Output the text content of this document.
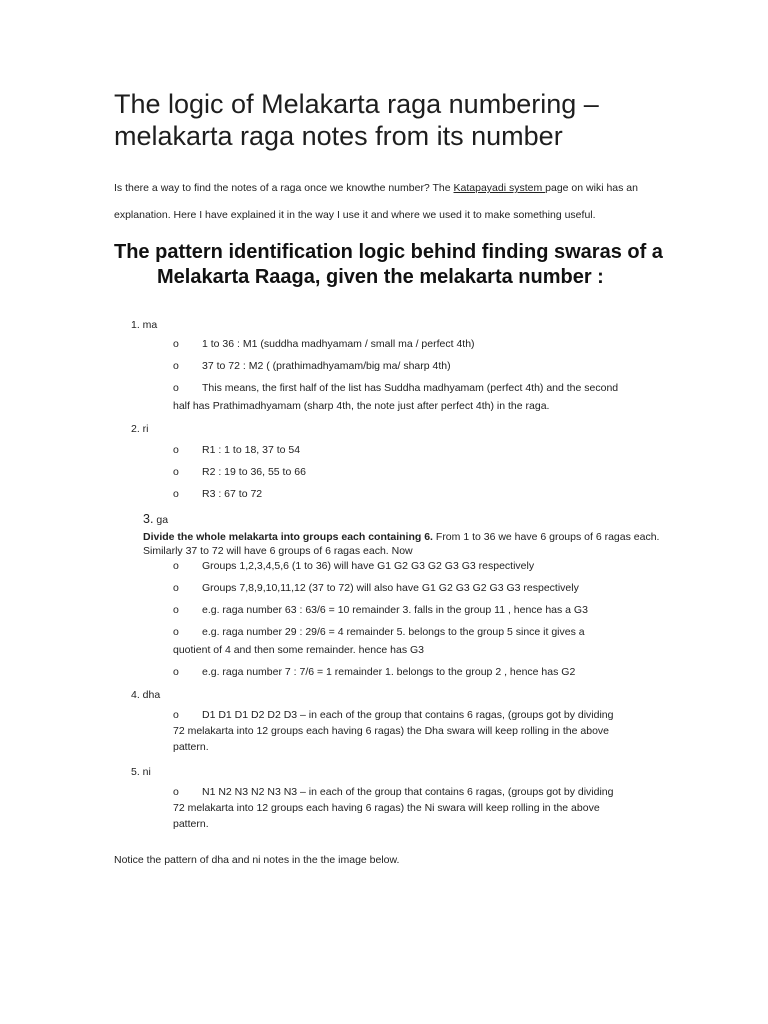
The logic of Melakarta raga numbering – melakarta raga notes from its number

Is there a way to find the notes of a raga once we knowthe number? The Katapayadi system page on wiki has an explanation. Here I have explained it in the way I use it and where we used it to make something useful.

The pattern identification logic behind finding swaras of a Melakarta Raaga, given the melakarta number :
1. ma
o 1 to 36 : M1 (suddha madhyamam / small ma / perfect 4th)
o 37 to 72 : M2 ( (prathimadhyamam/big ma/ sharp 4th)
o This means, the first half of the list has Suddha madhyamam (perfect 4th) and the second half has Prathimadhyamam (sharp 4th, the note just after perfect 4th) in the raga.
2. ri
o R1 : 1 to 18, 37 to 54
o R2 : 19 to 36, 55 to 66
o R3 : 67 to 72
3. ga

Divide the whole melakarta into groups each containing 6. From 1 to 36 we have 6 groups of 6 ragas each. Similarly 37 to 72 will have 6 groups of 6 ragas each. Now

o Groups 1,2,3,4,5,6 (1 to 36) will have G1 G2 G3 G2 G3 G3 respectively
o Groups 7,8,9,10,11,12 (37 to 72) will also have G1 G2 G3 G2 G3 G3 respectively
o e.g. raga number 63 : 63/6 = 10 remainder 3. falls in the group 11 , hence has a G3
o e.g. raga number 29 : 29/6 = 4 remainder 5. belongs to the group 5 since it gives a quotient of 4 and then some remainder. hence has G3
o e.g. raga number 7 : 7/6 = 1 remainder 1. belongs to the group 2 , hence has G2
4. dha
o D1 D1 D1 D2 D2 D3 – in each of the group that contains 6 ragas, (groups got by dividing 72 melakarta into 12 groups each having 6 ragas) the Dha swara will keep rolling in the above pattern.
5. ni
o N1 N2 N3 N2 N3 N3 – in each of the group that contains 6 ragas, (groups got by dividing 72 melakarta into 12 groups each having 6 ragas) the Ni swara will keep rolling in the above pattern.

Notice the pattern of dha and ni notes in the the image below.
